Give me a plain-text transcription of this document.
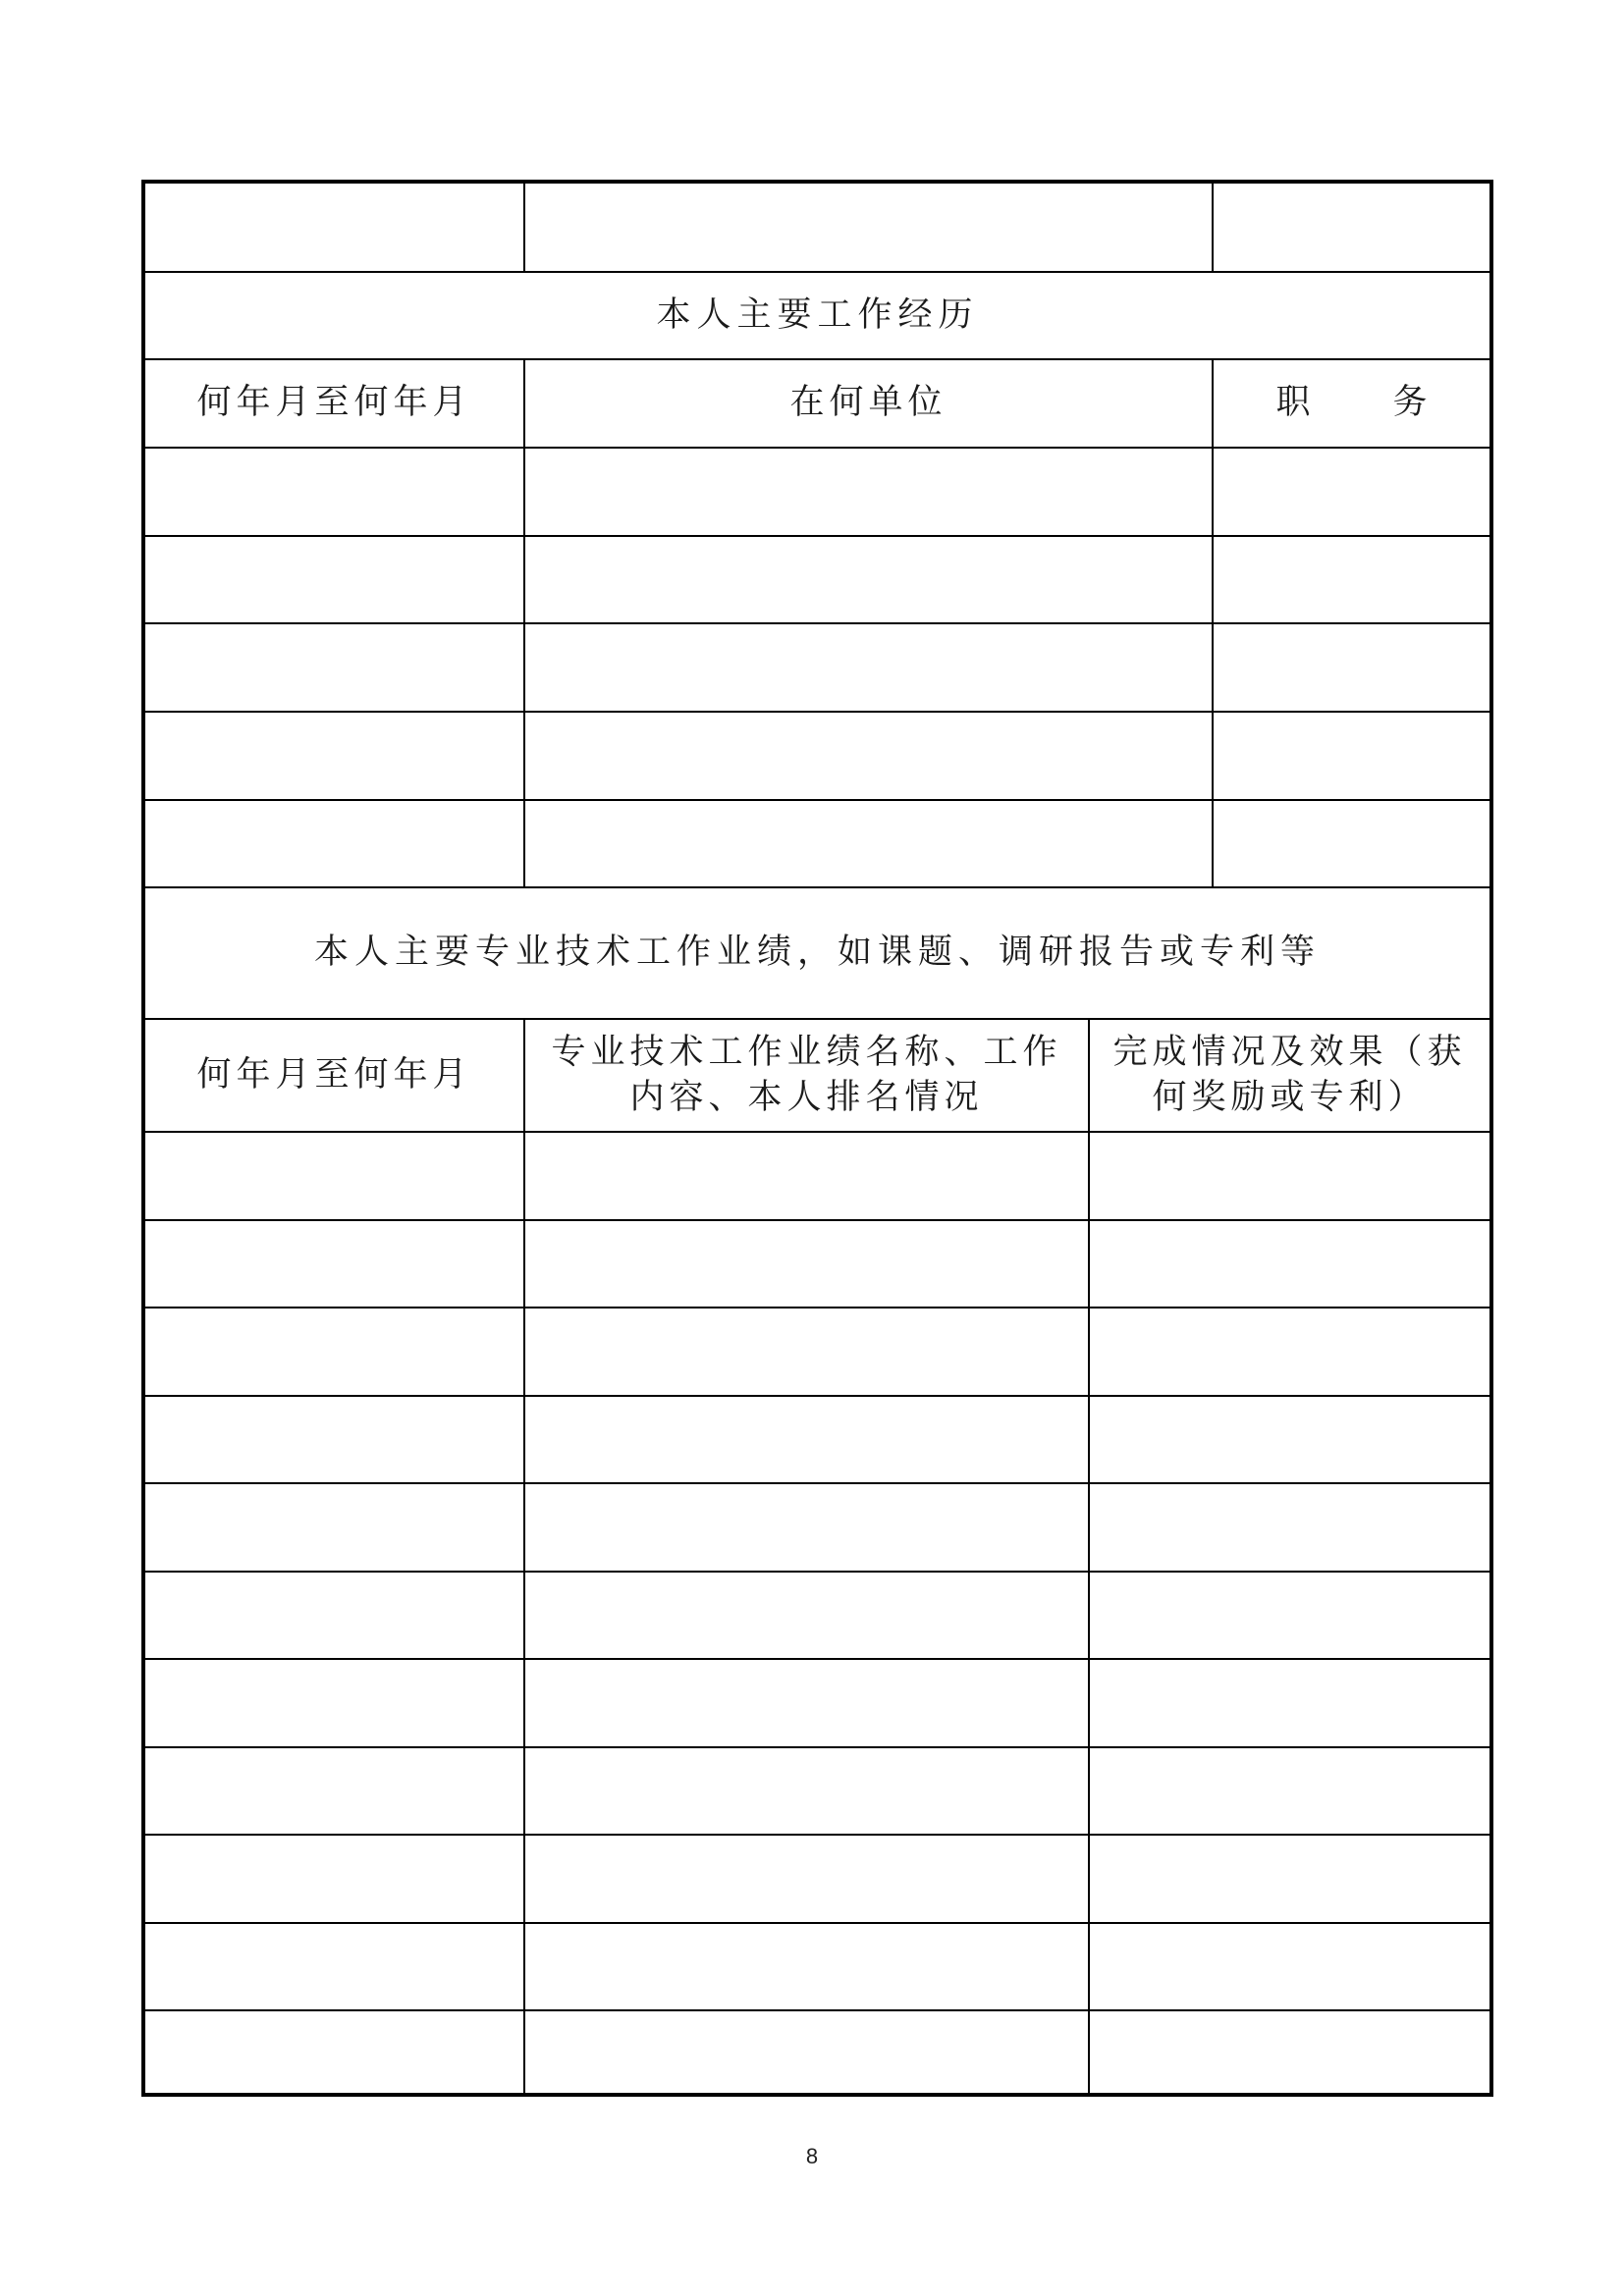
本人主要工作经历
何年月至何年月	在何单位	职 务
本人主要专业技术工作业绩，如课题、调研报告或专利等
何年月至何年月
专业技术工作业绩名称、工作内容、本人排名情况
完成情况及效果（获何奖励或专利）
8
